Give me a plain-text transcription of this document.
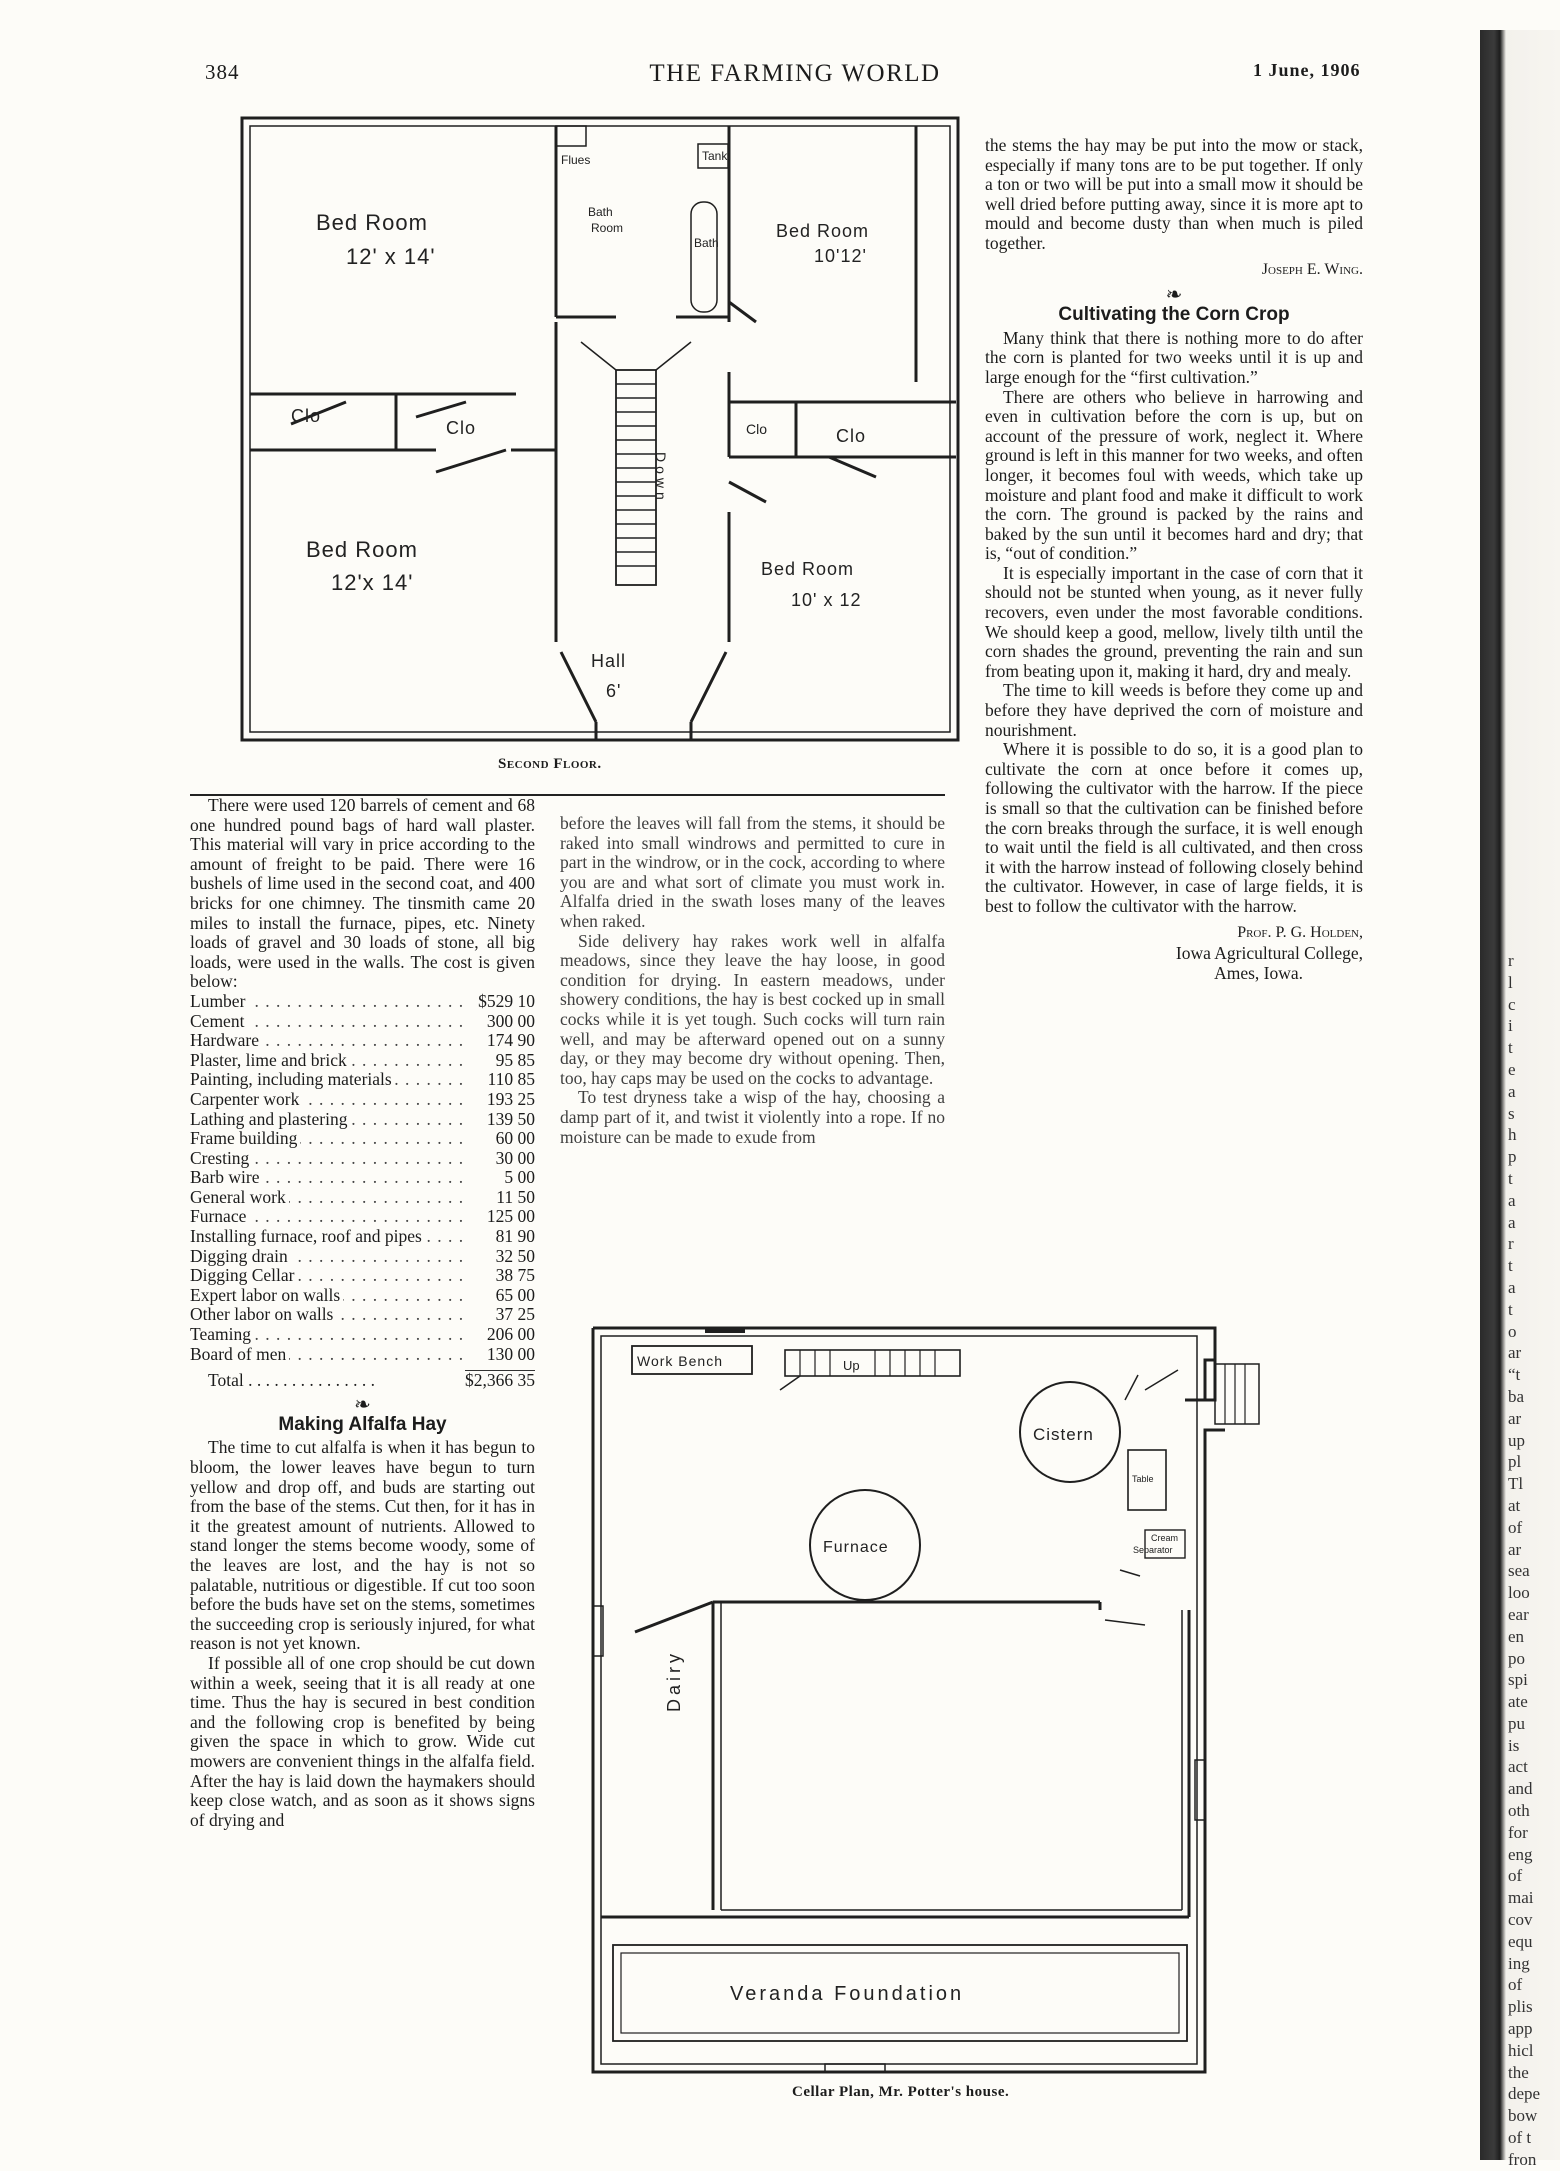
384	THE FARMING WORLD	1 June, 1906
Bed Room
12' x 14'
Flues	Tank
Bath
Room
Bath
Bed Room
10'12'
Clo
Clo	Clo	Clo
Down
Bed Room
12'x 14'
Bed Room
10' x 12
Hall
6'
Second Floor.

the stems the hay may be put into the mow or stack, especially if many tons are to be put together. If only a ton or two will be put into a small mow it should be well dried before putting away, since it is more apt to mould and become dusty than when much is piled together.

Joseph E. Wing.
❧
Cultivating the Corn Crop

Many think that there is nothing more to do after the corn is planted for two weeks until it is up and large enough for the “first cultivation.”

There are others who believe in harrowing and even in cultivation before the corn is up, but on account of the pressure of work, neglect it. Where ground is left in this manner for two weeks, and often longer, it becomes foul with weeds, which take up moisture and plant food and make it difficult to work the corn. The ground is packed by the rains and baked by the sun until it becomes hard and dry; that is, “out of condition.”

It is especially important in the case of corn that it should not be stunted when young, as it never fully recovers, even under the most favorable conditions. We should keep a good, mellow, lively tilth until the corn shades the ground, preventing the rain and sun from beating upon it, making it hard, dry and mealy.

The time to kill weeds is before they come up and before they have deprived the corn of moisture and nourishment.

Where it is possible to do so, it is a good plan to cultivate the corn at once before it comes up, following the cultivator with the harrow. If the piece is small so that the cultivation can be finished before the corn breaks through the surface, it is well enough to wait until the field is all cultivated, and then cross it with the harrow instead of following closely behind the cultivator. However, in case of large fields, it is best to follow the cultivator with the harrow.

Prof. P. G. Holden,
Iowa Agricultural College,
Ames, Iowa.

There were used 120 barrels of cement and 68 one hundred pound bags of hard wall plaster. This material will vary in price according to the amount of freight to be paid. There were 16 bushels of lime used in the second coat, and 400 bricks for one chimney. The tinsmith came 20 miles to install the furnace, pipes, etc. Ninety loads of gravel and 30 loads of stone, all big loads, were used in the walls. The cost is given below:

Lumber . . .	$529 10
Cement . . .	300 00
Hardware . . .	174 90
Plaster, lime and brick . . .	95 85
Painting, including materials . . .	110 85
Carpenter work . . .	193 25
Lathing and plastering . . .	139 50
Frame building . . .	60 00
Cresting . . .	30 00
Barb wire . . .	5 00
General work . . .	11 50
Furnace . . .	125 00
Installing furnace, roof and pipes . . .	81 90
Digging drain . . .	32 50
Digging Cellar . . .	38 75
Expert labor on walls . . .	65 00
Other labor on walls . . .	37 25
Teaming . . .	206 00
Board of men . . .	130 00
Total . . . . . . . . . . . . . . .	$2,366 35
❧
Making Alfalfa Hay

The time to cut alfalfa is when it has begun to bloom, the lower leaves have begun to turn yellow and drop off, and buds are starting out from the base of the stems. Cut then, for it has in it the greatest amount of nutrients. Allowed to stand longer the stems become woody, some of the leaves are lost, and the hay is not so palatable, nutritious or digestible. If cut too soon before the buds have set on the stems, sometimes the succeeding crop is seriously injured, for what reason is not yet known.

If possible all of one crop should be cut down within a week, seeing that it is all ready at one time. Thus the hay is secured in best condition and the following crop is benefited by being given the space in which to grow. Wide cut mowers are convenient things in the alfalfa field. After the hay is laid down the haymakers should keep close watch, and as soon as it shows signs of drying and

before the leaves will fall from the stems, it should be raked into small windrows and permitted to cure in part in the windrow, or in the cock, according to where you are and what sort of climate you must work in. Alfalfa dried in the swath loses many of the leaves when raked.

Side delivery hay rakes work well in alfalfa meadows, since they leave the hay loose, in good condition for drying. In eastern meadows, under showery conditions, the hay is best cocked up in small cocks while it is yet tough. Such cocks will turn rain well, and may be afterward opened out on a sunny day, or they may become dry without opening. Then, too, hay caps may be used on the cocks to advantage.

To test dryness take a wisp of the hay, choosing a damp part of it, and twist it violently into a rope. If no moisture can be made to exude from

Work Bench	Up
Cistern
Table
Cream
Separator
Furnace
Dairy
Veranda Foundation
Cellar Plan, Mr. Potter's house.
r
l
c
i
t
e
a
s
h
p
t
a
a
r
t
a
t
o
ar
“t
ba
ar
up
pl
Tl
at
of
ar
sea
loo
ear
en
po
spi
ate
pu
is
act
and
oth
for
eng
of
mai
cov
equ
ing
of
plis
app
hicl
the
depe
bow
of t
fron
